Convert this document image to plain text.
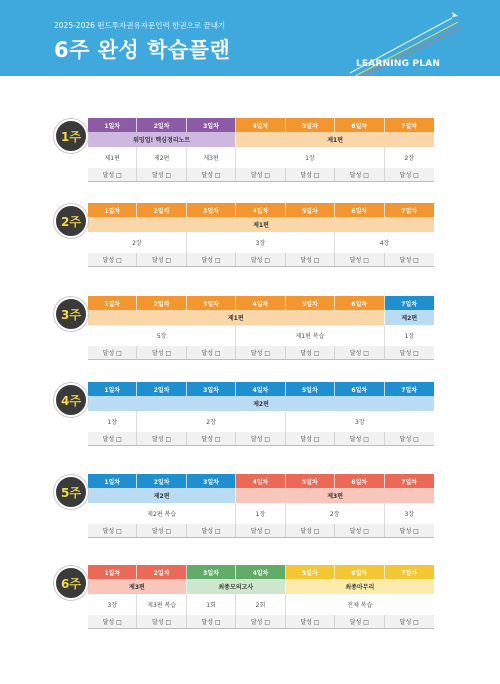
2025-2026 펀드투자권유자문인력 한권으로 끝내기
6주 완성 학습플랜
LEARNING PLAN
1주
1일차	2일차	3일차	4일차	5일차	6일차	7일차
워밍업! 핵심정리노트	제1편
제1편	제2편	제3편	1장	2장
달성 □	달성 □	달성 □	달성 □	달성 □	달성 □	달성 □
2주
1일차	2일차	3일차	4일차	5일차	6일차	7일차
제1편
2장	3장	4장
달성 □	달성 □	달성 □	달성 □	달성 □	달성 □	달성 □
3주
1일차	2일차	3일차	4일차	5일차	6일차	7일차
제1편	제2편
5장	제1편 복습	1장
달성 □	달성 □	달성 □	달성 □	달성 □	달성 □	달성 □
4주
1일차	2일차	3일차	4일차	5일차	6일차	7일차
제2편
1장	2장	3장
달성 □	달성 □	달성 □	달성 □	달성 □	달성 □	달성 □
5주
1일차	2일차	3일차	4일차	5일차	6일차	7일차
제2편	제3편
제2편 복습	1장	2장	3장
달성 □	달성 □	달성 □	달성 □	달성 □	달성 □	달성 □
6주
1일차	2일차	3일차	4일차	5일차	6일차	7일차
제3편	최종모의고사	최종마무리
3장	제3편 복습	1회	2회	전체 복습
달성 □	달성 □	달성 □	달성 □	달성 □	달성 □	달성 □
